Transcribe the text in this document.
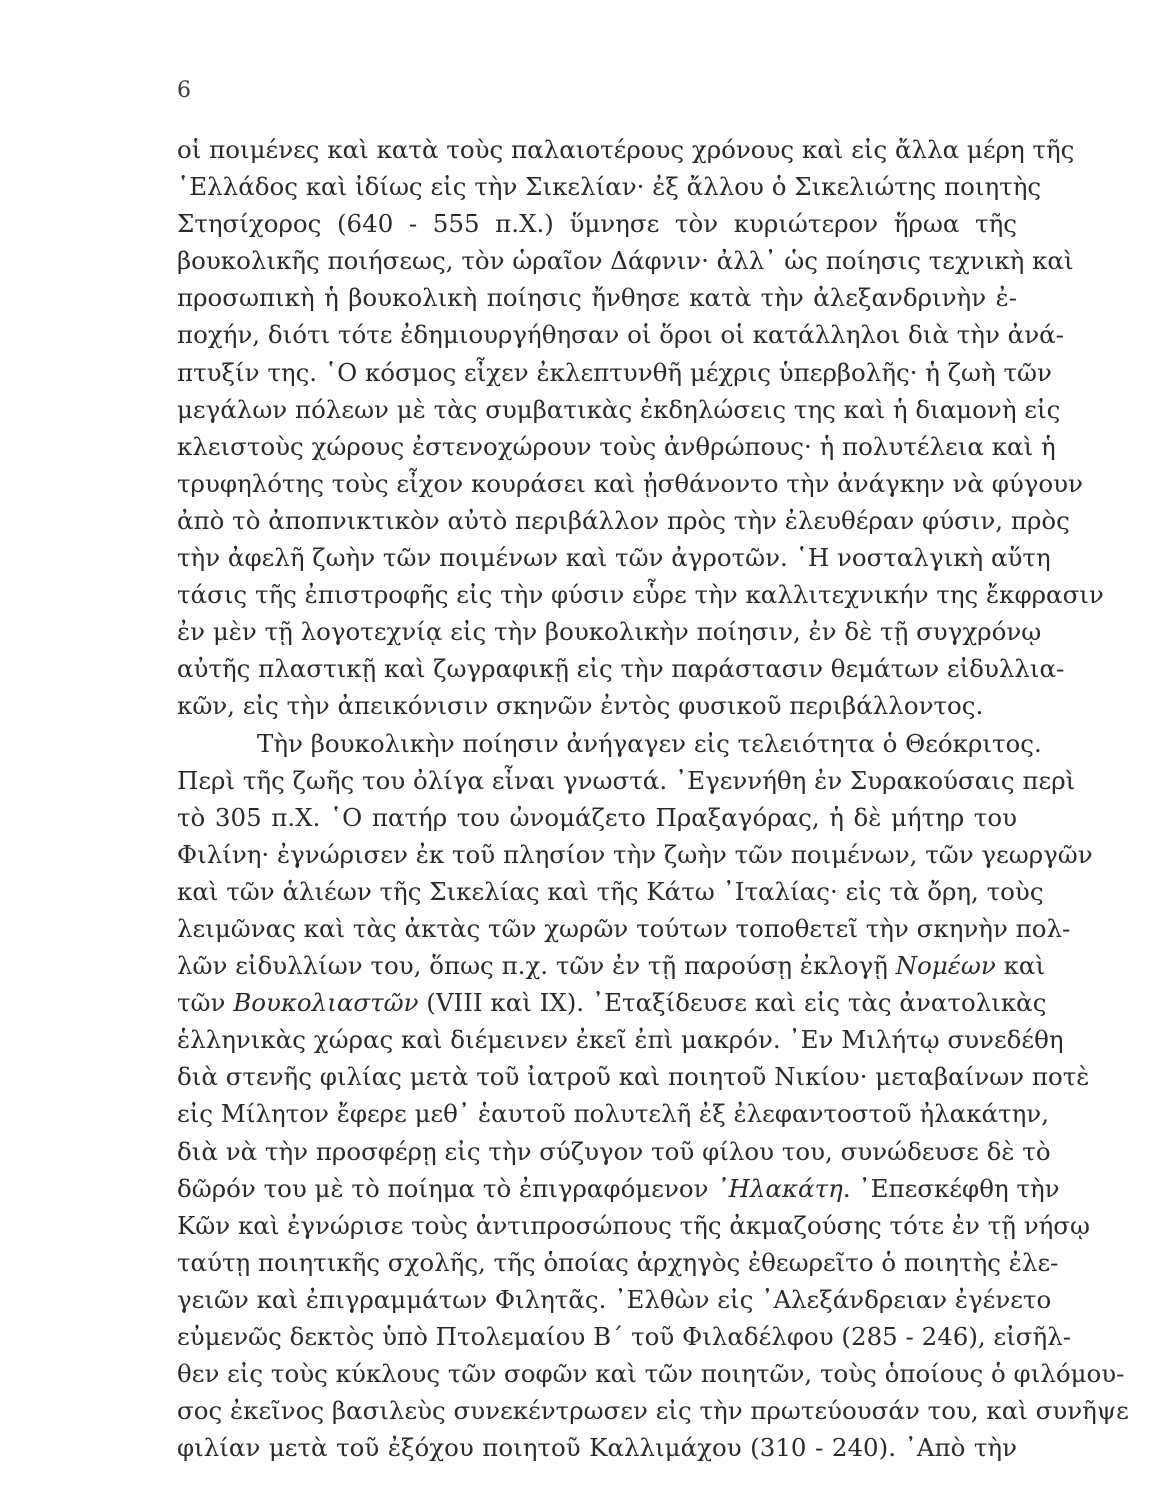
6
οἱ ποιμένες καὶ κατὰ τοὺς παλαιοτέρους χρόνους καὶ εἰς ἄλλα μέρη τῆς
῾Ελλάδος καὶ ἰδίως εἰς τὴν Σικελίαν· ἐξ ἄλλου ὁ Σικελιώτης ποιητὴς
Στησίχορος (640 - 555 π.Χ.) ὕμνησε τὸν κυριώτερον ἥρωα τῆς
βουκολικῆς ποιήσεως, τὸν ὡραῖον Δάφνιν· ἀλλ᾽ ὡς ποίησις τεχνικὴ καὶ
προσωπικὴ ἡ βουκολικὴ ποίησις ἤνθησε κατὰ τὴν ἀλεξανδρινὴν ἐ-
ποχήν, διότι τότε ἐδημιουργήθησαν οἱ ὅροι οἱ κατάλληλοι διὰ τὴν ἀνά-
πτυξίν της. ῾Ο κόσμος εἶχεν ἐκλεπτυνθῆ μέχρις ὑπερβολῆς· ἡ ζωὴ τῶν
μεγάλων πόλεων μὲ τὰς συμβατικὰς ἐκδηλώσεις της καὶ ἡ διαμονὴ εἰς
κλειστοὺς χώρους ἐστενοχώρουν τοὺς ἀνθρώπους· ἡ πολυτέλεια καὶ ἡ
τρυφηλότης τοὺς εἶχον κουράσει καὶ ᾐσθάνοντο τὴν ἀνάγκην νὰ φύγουν
ἀπὸ τὸ ἀποπνικτικὸν αὐτὸ περιβάλλον πρὸς τὴν ἐλευθέραν φύσιν, πρὸς
τὴν ἀφελῆ ζωὴν τῶν ποιμένων καὶ τῶν ἀγροτῶν. ῾Η νοσταλγικὴ αὕτη
τάσις τῆς ἐπιστροφῆς εἰς τὴν φύσιν εὗρε τὴν καλλιτεχνικήν της ἔκφρασιν
ἐν μὲν τῇ λογοτεχνίᾳ εἰς τὴν βουκολικὴν ποίησιν, ἐν δὲ τῇ συγχρόνῳ
αὐτῆς πλαστικῇ καὶ ζωγραφικῇ εἰς τὴν παράστασιν θεμάτων εἰδυλλια-
κῶν, εἰς τὴν ἀπεικόνισιν σκηνῶν ἐντὸς φυσικοῦ περιβάλλοντος.
Τὴν βουκολικὴν ποίησιν ἀνήγαγεν εἰς τελειότητα ὁ Θεόκριτος.
Περὶ τῆς ζωῆς του ὀλίγα εἶναι γνωστά. ᾽Εγεννήθη ἐν Συρακούσαις περὶ
τὸ 305 π.Χ. ῾Ο πατήρ του ὠνομάζετο Πραξαγόρας, ἡ δὲ μήτηρ του
Φιλίνη· ἐγνώρισεν ἐκ τοῦ πλησίον τὴν ζωὴν τῶν ποιμένων, τῶν γεωργῶν
καὶ τῶν ἁλιέων τῆς Σικελίας καὶ τῆς Κάτω ᾽Ιταλίας· εἰς τὰ ὄρη, τοὺς
λειμῶνας καὶ τὰς ἀκτὰς τῶν χωρῶν τούτων τοποθετεῖ τὴν σκηνὴν πολ-
λῶν εἰδυλλίων του, ὅπως π.χ. τῶν ἐν τῇ παρούσῃ ἐκλογῇ Νομέων καὶ
τῶν Βουκολιαστῶν (VIII καὶ IX). ᾽Εταξίδευσε καὶ εἰς τὰς ἀνατολικὰς
ἑλληνικὰς χώρας καὶ διέμεινεν ἐκεῖ ἐπὶ μακρόν. ᾽Εν Μιλήτῳ συνεδέθη
διὰ στενῆς φιλίας μετὰ τοῦ ἰατροῦ καὶ ποιητοῦ Νικίου· μεταβαίνων ποτὲ
εἰς Μίλητον ἔφερε μεθ᾽ ἑαυτοῦ πολυτελῆ ἐξ ἐλεφαντοστοῦ ἠλακάτην,
διὰ νὰ τὴν προσφέρῃ εἰς τὴν σύζυγον τοῦ φίλου του, συνώδευσε δὲ τὸ
δῶρόν του μὲ τὸ ποίημα τὸ ἐπιγραφόμενον ᾽Ηλακάτη. ᾽Επεσκέφθη τὴν
Κῶν καὶ ἐγνώρισε τοὺς ἀντιπροσώπους τῆς ἀκμαζούσης τότε ἐν τῇ νήσῳ
ταύτῃ ποιητικῆς σχολῆς, τῆς ὁποίας ἀρχηγὸς ἐθεωρεῖτο ὁ ποιητὴς ἐλε-
γειῶν καὶ ἐπιγραμμάτων Φιλητᾶς. ᾽Ελθὼν εἰς ᾽Αλεξάνδρειαν ἐγένετο
εὐμενῶς δεκτὸς ὑπὸ Πτολεμαίου Β΄ τοῦ Φιλαδέλφου (285 - 246), εἰσῆλ-
θεν εἰς τοὺς κύκλους τῶν σοφῶν καὶ τῶν ποιητῶν, τοὺς ὁποίους ὁ φιλόμου-
σος ἐκεῖνος βασιλεὺς συνεκέντρωσεν εἰς τὴν πρωτεύουσάν του, καὶ συνῆψε
φιλίαν μετὰ τοῦ ἐξόχου ποιητοῦ Καλλιμάχου (310 - 240). ᾽Απὸ τὴν
